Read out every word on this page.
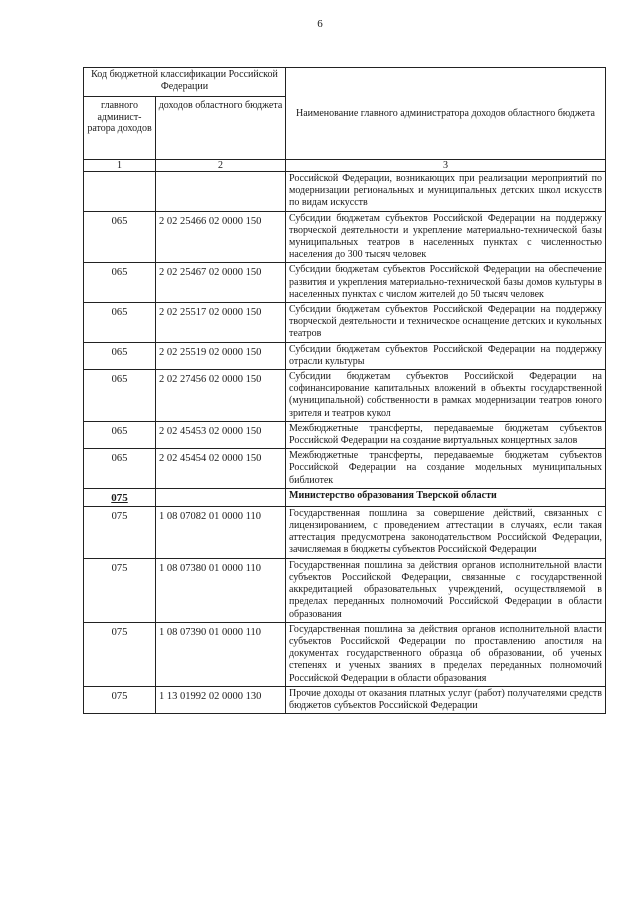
6
Код бюджетной классификации Российской Федерации		Наименование главного администратора доходов областного бюджета
главного админист-ратора доходов	доходов областного бюджета	
1	2	3
		Российской Федерации, возникающих при реализации мероприятий по модернизации региональных и муниципальных детских школ искусств по видам искусств
065	2 02 25466 02 0000 150	Субсидии бюджетам субъектов Российской Федерации на поддержку творческой деятельности и укрепление материально-технической базы муниципальных театров в населенных пунктах с численностью населения до 300 тысяч человек
065	2 02 25467 02 0000 150	Субсидии бюджетам субъектов Российской Федерации на обеспечение развития и укрепления материально-технической базы домов культуры в населенных пунктах с числом жителей до 50 тысяч человек
065	2 02 25517 02 0000 150	Субсидии бюджетам субъектов Российской Федерации на поддержку творческой деятельности и техническое оснащение детских и кукольных театров
065	2 02 25519 02 0000 150	Субсидии бюджетам субъектов Российской Федерации на поддержку отрасли культуры
065	2 02 27456 02 0000 150	Субсидии бюджетам субъектов Российской Федерации на софинансирование капитальных вложений в объекты государственной (муниципальной) собственности в рамках модернизации театров юного зрителя и театров кукол
065	2 02 45453 02 0000 150	Межбюджетные трансферты, передаваемые бюджетам субъектов Российской Федерации на создание виртуальных концертных залов
065	2 02 45454 02 0000 150	Межбюджетные трансферты, передаваемые бюджетам субъектов Российской Федерации на создание модельных муниципальных библиотек
075		Министерство образования Тверской области
075	1 08 07082 01 0000 110	Государственная пошлина за совершение действий, связанных с лицензированием, с проведением аттестации в случаях, если такая аттестация предусмотрена законодательством Российской Федерации, зачисляемая в бюджеты субъектов Российской Федерации
075	1 08 07380 01 0000 110	Государственная пошлина за действия органов исполнительной власти субъектов Российской Федерации, связанные с государственной аккредитацией образовательных учреждений, осуществляемой в пределах переданных полномочий Российской Федерации в области образования
075	1 08 07390 01 0000 110	Государственная пошлина за действия органов исполнительной власти субъектов Российской Федерации по проставлению апостиля на документах государственного образца об образовании, об ученых степенях и ученых званиях в пределах переданных полномочий Российской Федерации в области образования
075	1 13 01992 02 0000 130	Прочие доходы от оказания платных услуг (работ) получателями средств бюджетов субъектов Российской Федерации
